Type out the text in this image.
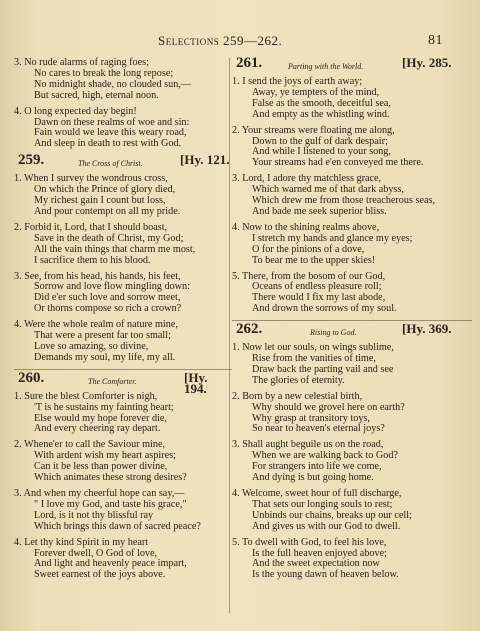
Selections 259—262.	81
3. No rude alarms of raging foes;
No cares to break the long repose;
No midnight shade, no clouded sun,—
But sacred, high, eternal noon.
4. O long expected day begin!
Dawn on these realms of woe and sin:
Fain would we leave this weary road,
And sleep in death to rest with God.
259.	The Cross of Christ.	[Hy. 121.
1. When I survey the wondrous cross,
On which the Prince of glory died,
My richest gain I count but loss,
And pour contempt on all my pride.
2. Forbid it, Lord, that I should boast,
Save in the death of Christ, my God;
All the vain things that charm me most,
I sacrifice them to his blood.
3. See, from his head, his hands, his feet,
Sorrow and love flow mingling down:
Did e'er such love and sorrow meet,
Or thorns compose so rich a crown?
4. Were the whole realm of nature mine,
That were a present far too small;
Love so amazing, so divine,
Demands my soul, my life, my all.
260.	The Comforter.	[Hy. 194.
1. Sure the blest Comforter is nigh,
'T is he sustains my fainting heart;
Else would my hope forever die,
And every cheering ray depart.
2. Whene'er to call the Saviour mine,
With ardent wish my heart aspires;
Can it be less than power divine,
Which animates these strong desires?
3. And when my cheerful hope can say,—
" I love my God, and taste his grace,"
Lord, is it not thy blissful ray
Which brings this dawn of sacred peace?
4. Let thy kind Spirit in my heart
Forever dwell, O God of love,
And light and heavenly peace impart,
Sweet earnest of the joys above.
261.	Parting with the World.	[Hy. 285.
1. I send the joys of earth away;
Away, ye tempters of the mind,
False as the smooth, deceitful sea,
And empty as the whistling wind.
2. Your streams were floating me along,
Down to the gulf of dark despair;
And while I listened to your song,
Your streams had e'en conveyed me there.
3. Lord, I adore thy matchless grace,
Which warned me of that dark abyss,
Which drew me from those treacherous seas,
And bade me seek superior bliss.
4. Now to the shining realms above,
I stretch my hands and glance my eyes;
O for the pinions of a dove,
To bear me to the upper skies!
5. There, from the bosom of our God,
Oceans of endless pleasure roll;
There would I fix my last abode,
And drown the sorrows of my soul.
262.	Rising to God.	[Hy. 369.
1. Now let our souls, on wings sublime,
Rise from the vanities of time,
Draw back the parting vail and see
The glories of eternity.
2. Born by a new celestial birth,
Why should we grovel here on earth?
Why grasp at transitory toys,
So near to heaven's eternal joys?
3. Shall aught beguile us on the road,
When we are walking back to God?
For strangers into life we come,
And dying is but going home.
4. Welcome, sweet hour of full discharge,
That sets our longing souls to rest;
Unbinds our chains, breaks up our cell;
And gives us with our God to dwell.
5. To dwell with God, to feel his love,
Is the full heaven enjoyed above;
And the sweet expectation now
Is the young dawn of heaven below.
